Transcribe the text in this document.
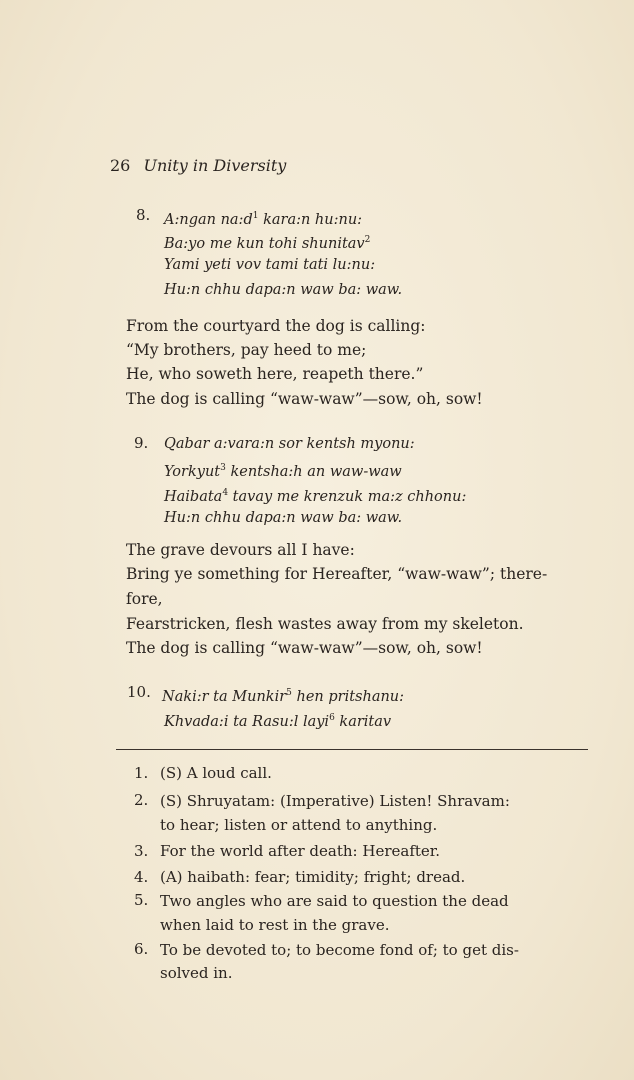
26 Unity in Diversity
8. A:ngan $na:d^1$ kara:n hu:nu:
Ba:yo me kun tohi shunitav$^2$
Yami yeti vov tami tati lu:nu:
Hu:n chhu dapa:n waw ba: waw.
From the courtyard the dog is calling:
“My brothers, pay heed to me;
He, who soweth here, reapeth there.”
The dog is calling “waw-waw”—sow, oh, sow!
9. Qabar a:vara:n sor kentsh myonu:
Yorkyut$^3$ kentsha:h an waw-waw
Haibata$^4$ tavay me krenzuk ma:z chhonu:
Hu:n chhu dapa:n waw ba: waw.
The grave devours all I have:
Bring ye something for Hereafter, “waw-waw”; there-
fore,
Fearstricken, flesh wastes away from my skeleton.
The dog is calling “waw-waw”—sow, oh, sow!
10. Naki:r ta Munkir$^5$ hen pritshanu:
Khvada:i ta Rasu:l layi$^6$ karitav
1. (S) A loud call.
2. (S) Shruyatam: (Imperative) Listen! Shravam:
to hear; listen or attend to anything.
3. For the world after death: Hereafter.
4. (A) haibath: fear; timidity; fright; dread.
5. Two angles who are said to question the dead
when laid to rest in the grave.
6. To be devoted to; to become fond of; to get dis-
solved in.
